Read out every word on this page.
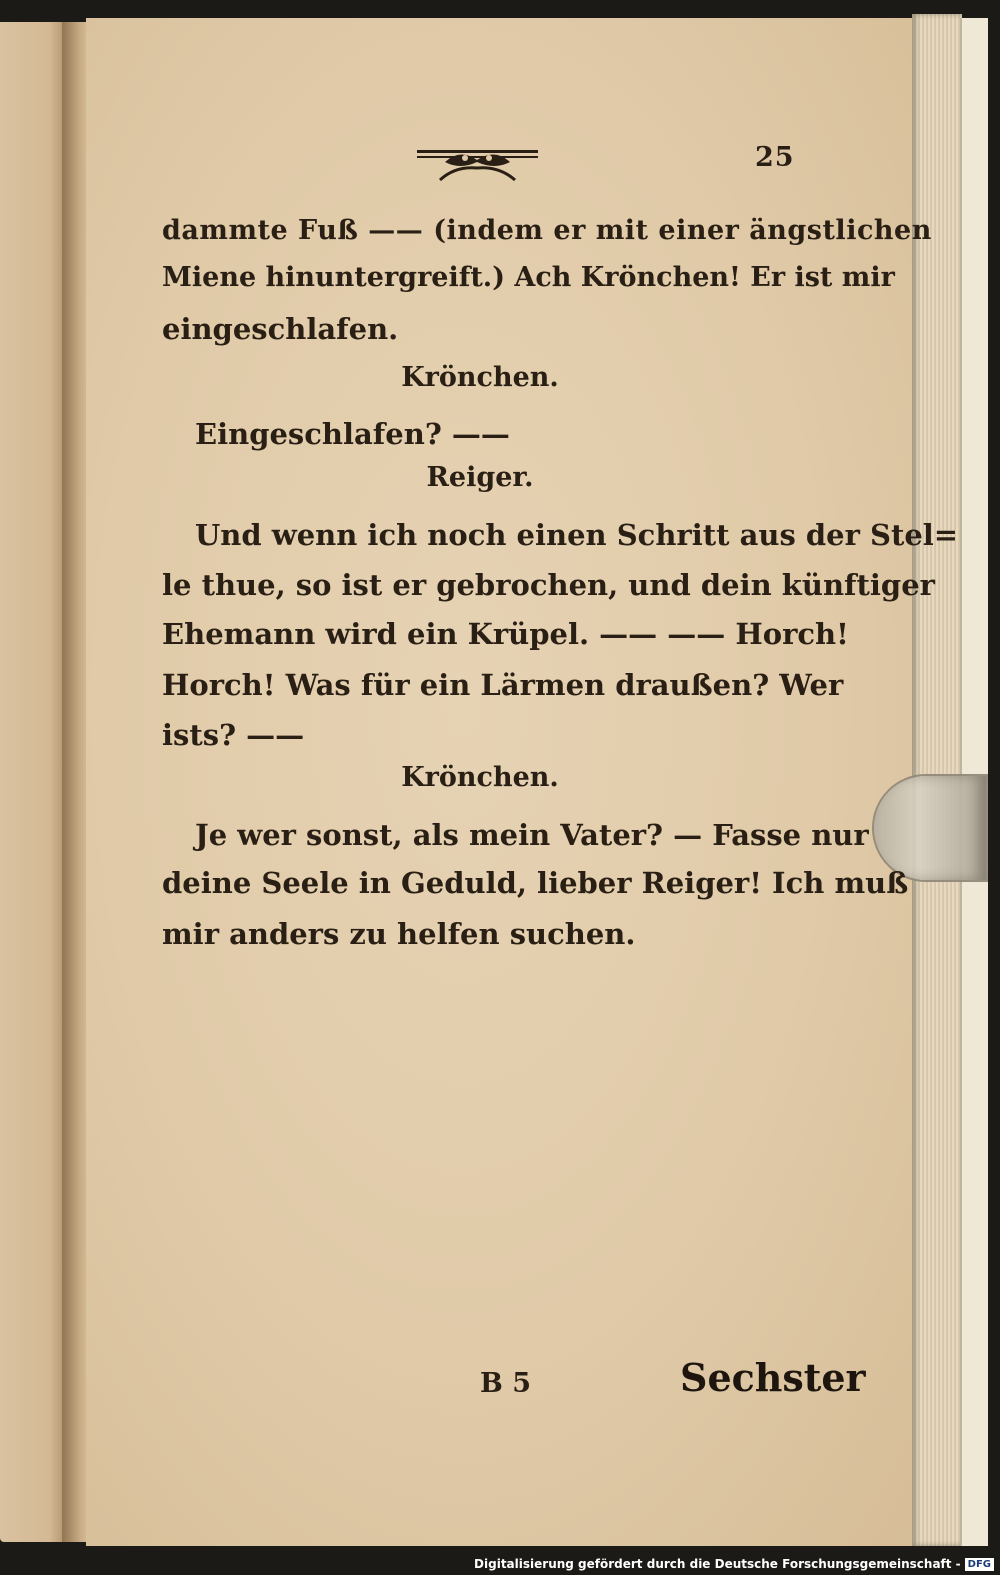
25
dammte Fuß —— (indem er mit einer ängstlichen
Miene hinuntergreift.) Ach Krönchen! Er ist mir
eingeschlafen.
Krönchen.
Eingeschlafen? ——
Reiger.
Und wenn ich noch einen Schritt aus der Stel=
le thue, so ist er gebrochen, und dein künftiger
Ehemann wird ein Krüpel. —— —— Horch!
Horch! Was für ein Lärmen draußen? Wer
ists? ——
Krönchen.
Je wer sonst, als mein Vater? — Fasse nur
deine Seele in Geduld, lieber Reiger! Ich muß
mir anders zu helfen suchen.
B 5	Sechster
Digitalisierung gefördert durch die Deutsche Forschungsgemeinschaft - DFG
